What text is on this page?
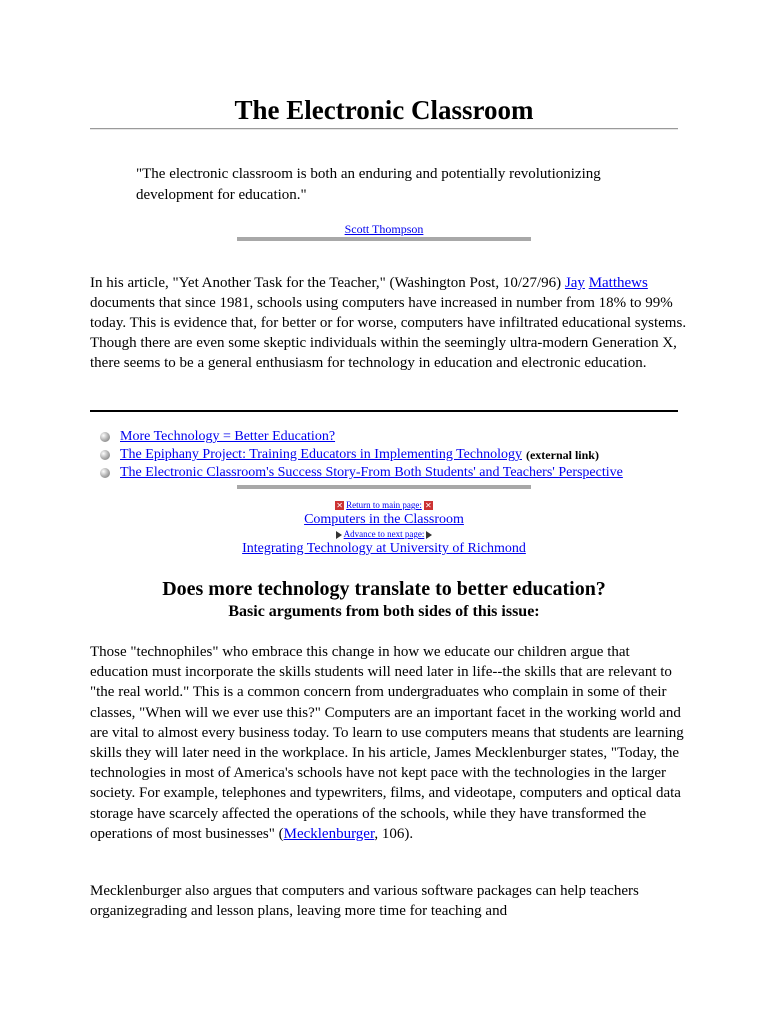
The Electronic Classroom

"The electronic classroom is both an enduring and potentially revolutionizing development for education."

Scott Thompson

In his article, "Yet Another Task for the Teacher," (Washington Post, 10/27/96) Jay Matthews documents that since 1981, schools using computers have increased in number from 18% to 99% today. This is evidence that, for better or for worse, computers have infiltrated educational systems. Though there are even some skeptic individuals within the seemingly ultra-modern Generation X, there seems to be a general enthusiasm for technology in education and electronic education.

More Technology = Better Education?
The Epiphany Project: Training Educators in Implementing Technology (external link)
The Electronic Classroom's Success Story-From Both Students' and Teachers' Perspective
✕ Return to main page: ✕
Computers in the Classroom
Advance to next page:
Integrating Technology at University of Richmond
Does more technology translate to better education?
Basic arguments from both sides of this issue:

Those "technophiles" who embrace this change in how we educate our children argue that education must incorporate the skills students will need later in life--the skills that are relevant to "the real world." This is a common concern from undergraduates who complain in some of their classes, "When will we ever use this?" Computers are an important facet in the working world and are vital to almost every business today. To learn to use computers means that students are learning skills they will later need in the workplace. In his article, James Mecklenburger states, "Today, the technologies in most of America's schools have not kept pace with the technologies in the larger society. For example, telephones and typewriters, films, and videotape, computers and optical data storage have scarcely affected the operations of the schools, while they have transformed the operations of most businesses" (Mecklenburger, 106).

Mecklenburger also argues that computers and various software packages can help teachers organizegrading and lesson plans, leaving more time for teaching and
